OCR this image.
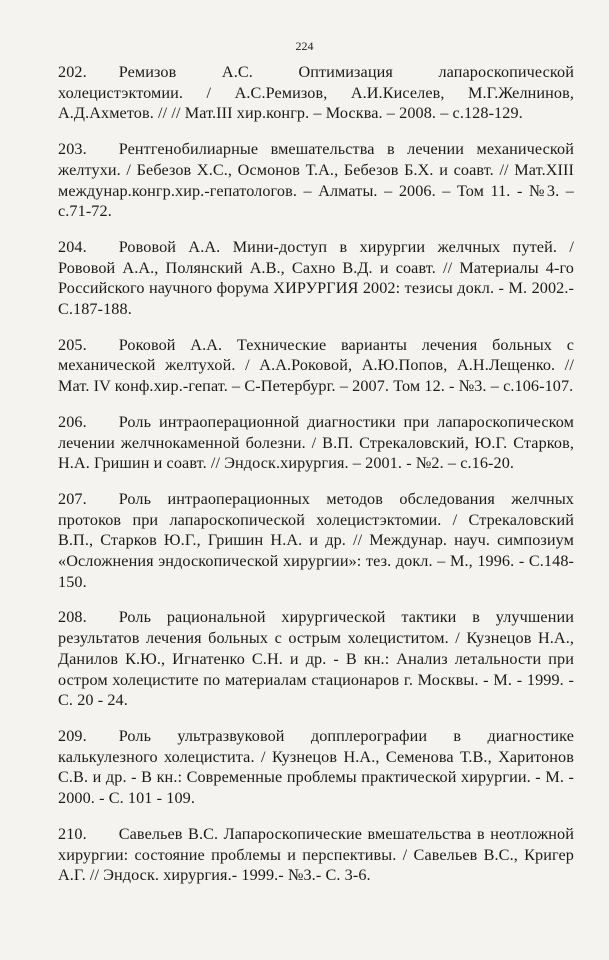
224

202. Ремизов А.С. Оптимизация лапароскопической холецистэктомии. / А.С.Ремизов, А.И.Киселев, М.Г.Желнинов, А.Д.Ахметов. // // Мат.III хир.конгр. – Москва. – 2008. – с.128-129.

203. Рентгенобилиарные вмешательства в лечении механической желтухи. / Бебезов Х.С., Осмонов Т.А., Бебезов Б.Х. и соавт. // Мат.XIII междунар.конгр.хир.-гепатологов. – Алматы. – 2006. – Том 11. - №3. – с.71-72.

204. Рововой А.А. Мини-доступ в хирургии желчных путей. / Рововой А.А., Полянский А.В., Сахно В.Д. и соавт. // Материалы 4-го Российского научного форума ХИРУРГИЯ 2002: тезисы докл. - М. 2002.- С.187-188.

205. Роковой А.А. Технические варианты лечения больных с механической желтухой. / А.А.Роковой, А.Ю.Попов, А.Н.Лещенко. // Мат. IV конф.хир.-гепат. – С-Петербург. – 2007. Том 12. - №3. – с.106-107.

206. Роль интраоперационной диагностики при лапароскопическом лечении желчнокаменной болезни. / В.П. Стрекаловский, Ю.Г. Старков, Н.А. Гришин и соавт. // Эндоск.хирургия. – 2001. - №2. – с.16-20.

207. Роль интраоперационных методов обследования желчных протоков при лапароскопической холецистэктомии. / Стрекаловский В.П., Старков Ю.Г., Гришин Н.А. и др. // Междунар. науч. симпозиум «Осложнения эндоскопической хирургии»: тез. докл. – М., 1996. - С.148-150.

208. Роль рациональной хирургической тактики в улучшении результатов лечения больных с острым холециститом. / Кузнецов Н.А., Данилов К.Ю., Игнатенко С.Н. и др. - В кн.: Анализ летальности при остром холецистите по материалам стационаров г. Москвы. - М. - 1999. - С. 20 - 24.

209. Роль ультразвуковой допплерографии в диагностике калькулезного холецистита. / Кузнецов Н.А., Семенова Т.В., Харитонов С.В. и др. - В кн.: Современные проблемы практической хирургии. - М. - 2000. - С. 101 - 109.

210. Савельев В.С. Лапароскопические вмешательства в неотложной хирургии: состояние проблемы и перспективы. / Савельев В.С., Кригер А.Г. // Эндоск. хирургия.- 1999.- №3.- С. 3-6.
